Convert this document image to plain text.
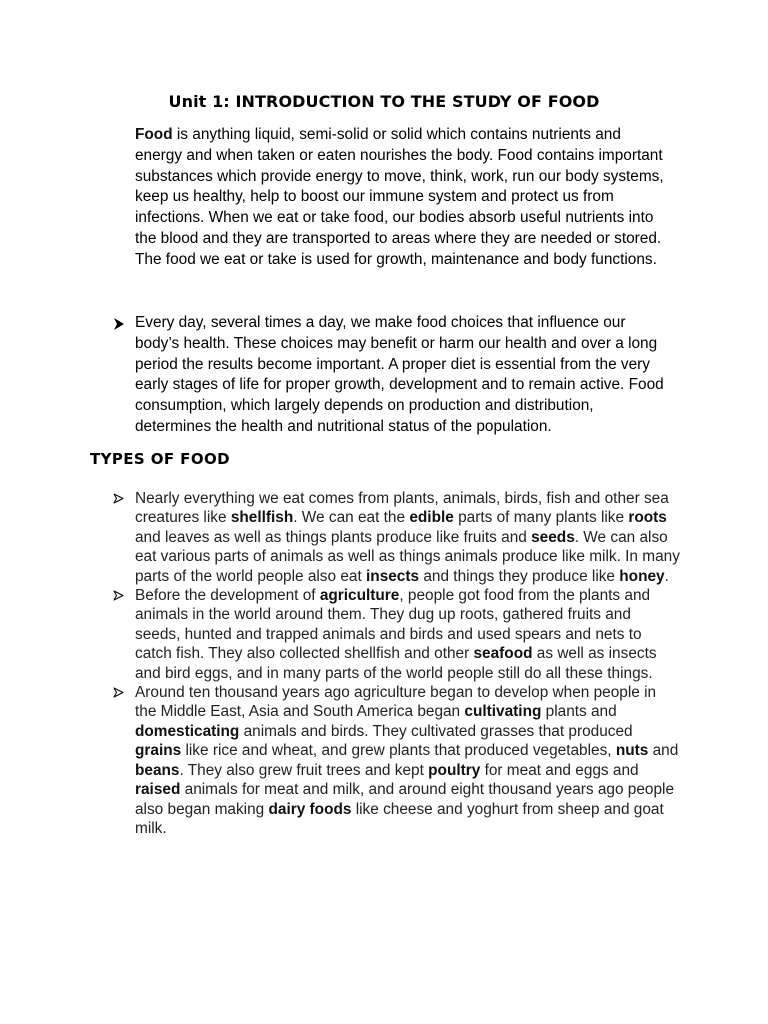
Unit 1: INTRODUCTION TO THE STUDY OF FOOD

Food is anything liquid, semi-solid or solid which contains nutrients and energy and when taken or eaten nourishes the body. Food contains important substances which provide energy to move, think, work, run our body systems, keep us healthy, help to boost our immune system and protect us from infections. When we eat or take food, our bodies absorb useful nutrients into the blood and they are transported to areas where they are needed or stored. The food we eat or take is used for growth, maintenance and body functions.

Every day, several times a day, we make food choices that influence our body’s health. These choices may benefit or harm our health and over a long period the results become important. A proper diet is essential from the very early stages of life for proper growth, development and to remain active. Food consumption, which largely depends on production and distribution, determines the health and nutritional status of the population.

TYPES OF FOOD
Nearly everything we eat comes from plants, animals, birds, fish and other sea creatures like shellfish. We can eat the edible parts of many plants like roots and leaves as well as things plants produce like fruits and seeds. We can also eat various parts of animals as well as things animals produce like milk. In many parts of the world people also eat insects and things they produce like honey.
Before the development of agriculture, people got food from the plants and animals in the world around them. They dug up roots, gathered fruits and seeds, hunted and trapped animals and birds and used spears and nets to catch fish. They also collected shellfish and other seafood as well as insects and bird eggs, and in many parts of the world people still do all these things.
Around ten thousand years ago agriculture began to develop when people in the Middle East, Asia and South America began cultivating plants and domesticating animals and birds. They cultivated grasses that produced grains like rice and wheat, and grew plants that produced vegetables, nuts and beans. They also grew fruit trees and kept poultry for meat and eggs and raised animals for meat and milk, and around eight thousand years ago people also began making dairy foods like cheese and yoghurt from sheep and goat milk.
